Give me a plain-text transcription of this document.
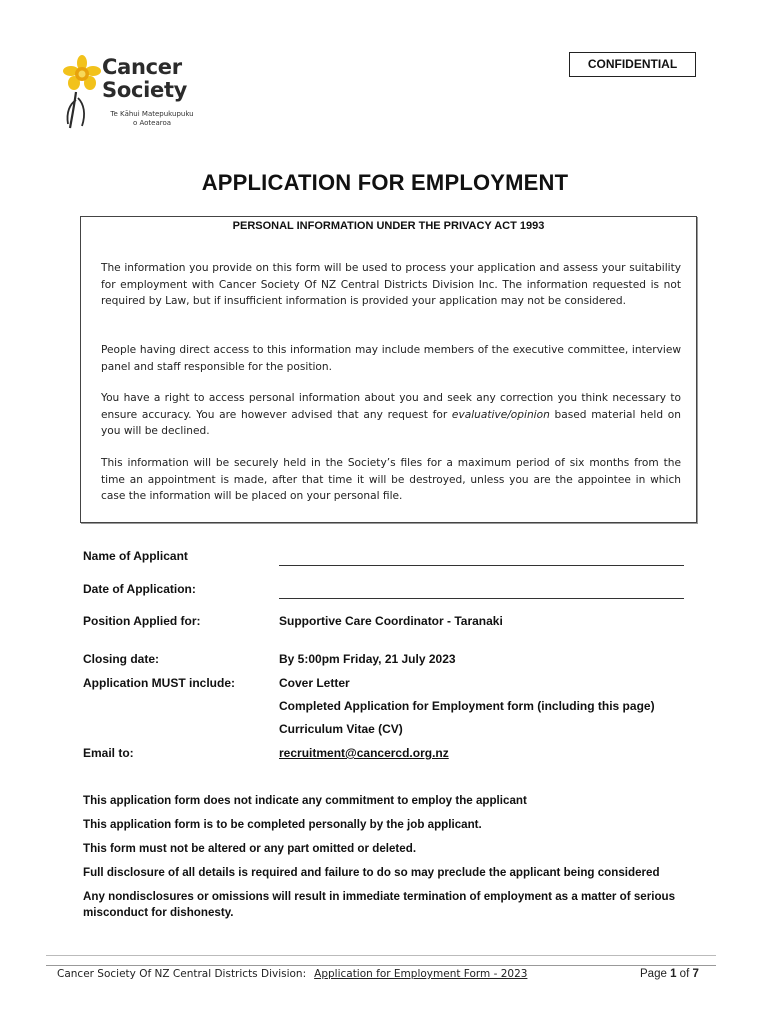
Cancer
Society
Te Kāhui Matepukupuku
o Aotearoa
CONFIDENTIAL
APPLICATION FOR EMPLOYMENT
PERSONAL INFORMATION UNDER THE PRIVACY ACT 1993
The information you provide on this form will be used to process your application and assess your suitability for employment with Cancer Society Of NZ Central Districts Division Inc. The information requested is not required by Law, but if insufficient information is provided your application may not be considered.
People having direct access to this information may include members of the executive committee, interview panel and staff responsible for the position.
You have a right to access personal information about you and seek any correction you think necessary to ensure accuracy. You are however advised that any request for evaluative/opinion based material held on you will be declined.
This information will be securely held in the Society’s files for a maximum period of six months from the time an appointment is made, after that time it will be destroyed, unless you are the appointee in which case the information will be placed on your personal file.
Name of Applicant
Date of Application:
Position Applied for:	Supportive Care Coordinator - Taranaki
Closing date:	By 5:00pm Friday, 21 July 2023
Application MUST include:	Cover Letter
Completed Application for Employment form (including this page)
Curriculum Vitae (CV)
Email to:	recruitment@cancercd.org.nz
This application form does not indicate any commitment to employ the applicant
This application form is to be completed personally by the job applicant.
This form must not be altered or any part omitted or deleted.
Full disclosure of all details is required and failure to do so may preclude the applicant being considered
Any nondisclosures or omissions will result in immediate termination of employment as a matter of serious misconduct for dishonesty.
Cancer Society Of NZ Central Districts Division: Application for Employment Form - 2023	Page 1 of 7
